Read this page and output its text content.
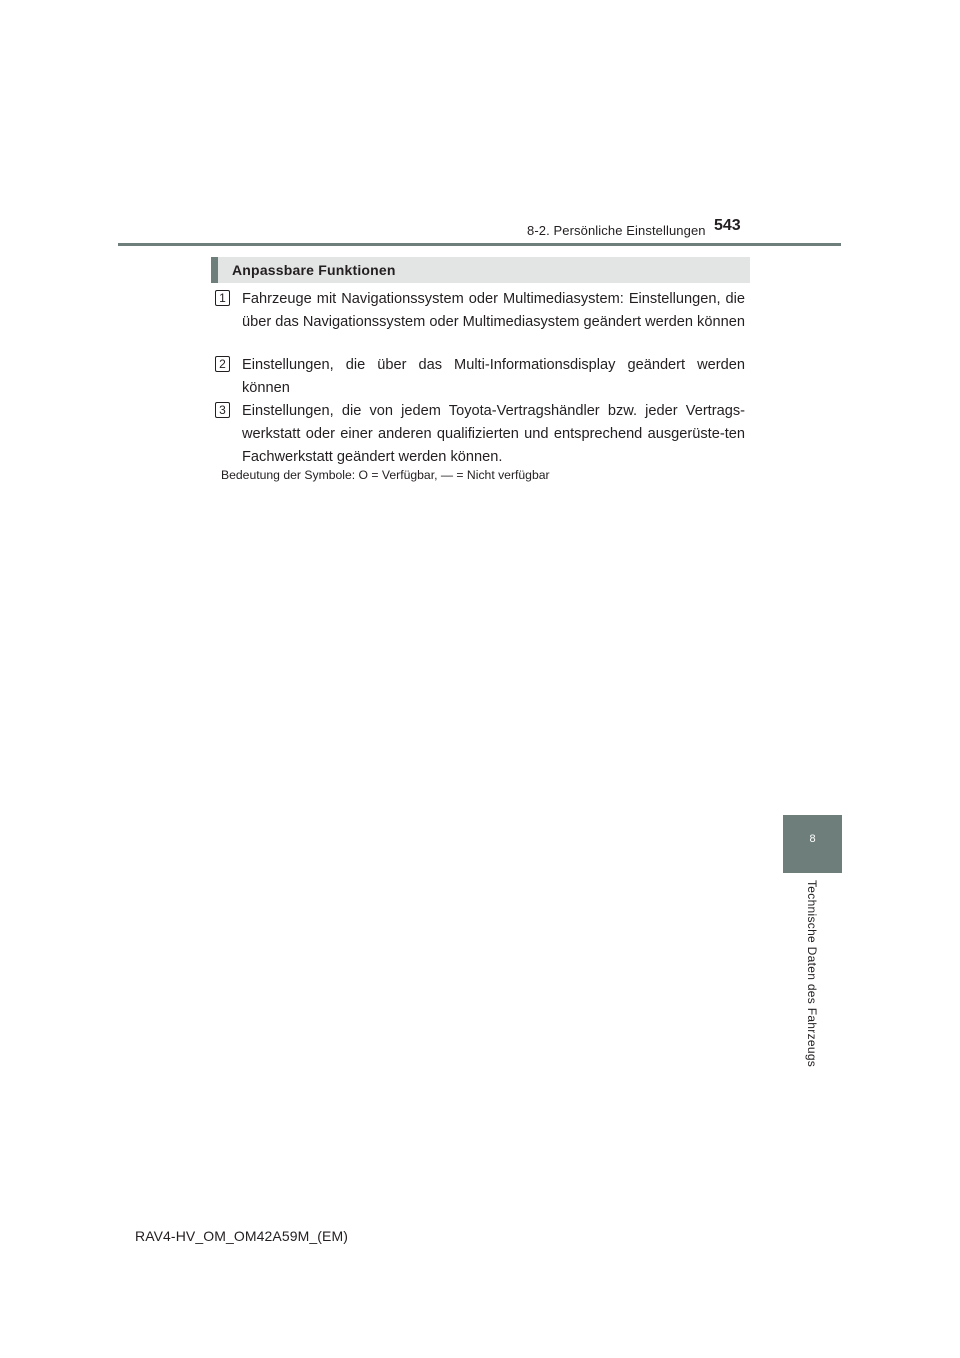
8-2. Persönliche Einstellungen 543
Anpassbare Funktionen
1 Fahrzeuge mit Navigationssystem oder Multimediasystem: Einstellungen, die über das Navigationssystem oder Multimediasystem geändert werden können
2 Einstellungen, die über das Multi-Informationsdisplay geändert werden können
3 Einstellungen, die von jedem Toyota-Vertragshändler bzw. jeder Vertrags-werkstatt oder einer anderen qualifizierten und entsprechend ausgerüste-ten Fachwerkstatt geändert werden können.
Bedeutung der Symbole: O = Verfügbar, — = Nicht verfügbar
8
Technische Daten des Fahrzeugs
RAV4-HV_OM_OM42A59M_(EM)
